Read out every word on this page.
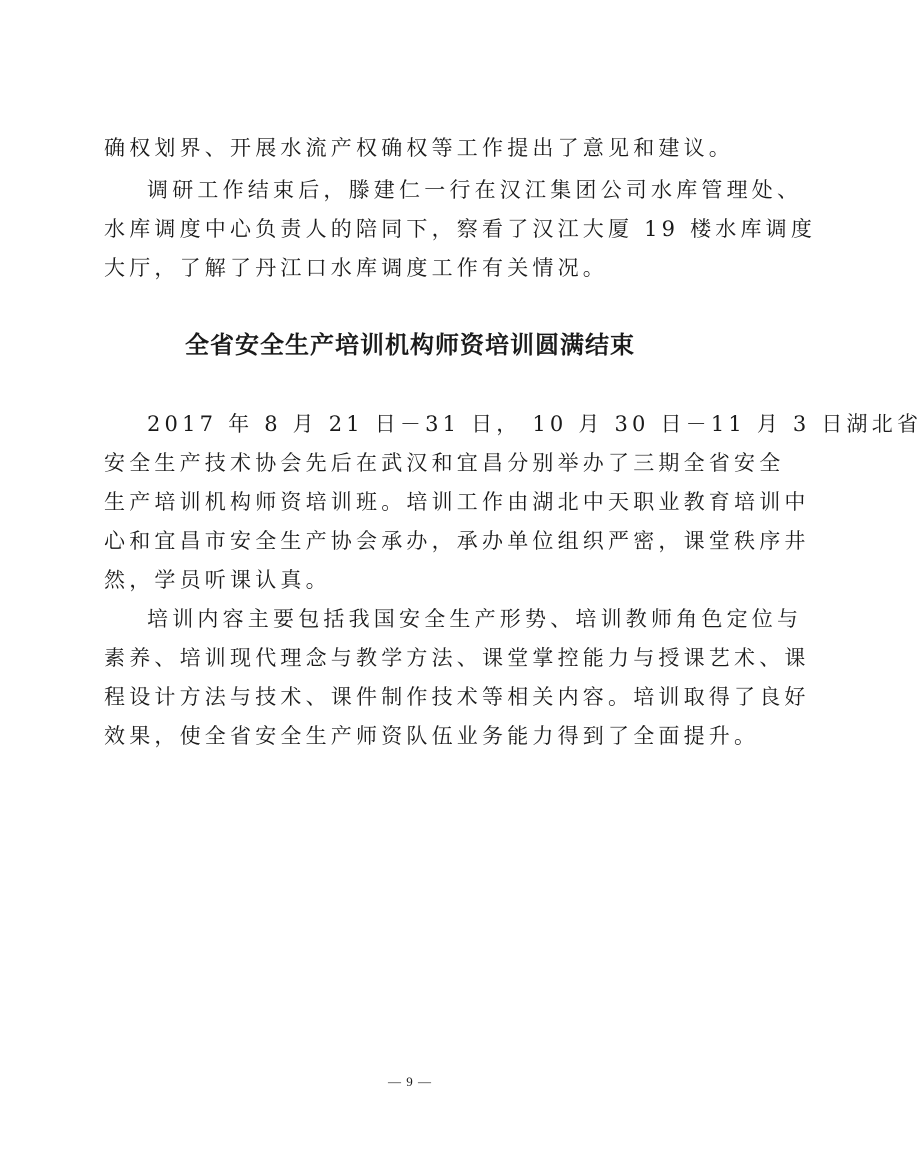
确权划界、开展水流产权确权等工作提出了意见和建议。
调研工作结束后，滕建仁一行在汉江集团公司水库管理处、
水库调度中心负责人的陪同下，察看了汉江大厦 19 楼水库调度
大厅，了解了丹江口水库调度工作有关情况。
全省安全生产培训机构师资培训圆满结束
2017 年 8 月 21 日－31 日， 10 月 30 日－11 月 3 日湖北省
安全生产技术协会先后在武汉和宜昌分别举办了三期全省安全
生产培训机构师资培训班。培训工作由湖北中天职业教育培训中
心和宜昌市安全生产协会承办，承办单位组织严密，课堂秩序井
然，学员听课认真。
培训内容主要包括我国安全生产形势、培训教师角色定位与
素养、培训现代理念与教学方法、课堂掌控能力与授课艺术、课
程设计方法与技术、课件制作技术等相关内容。培训取得了良好
效果，使全省安全生产师资队伍业务能力得到了全面提升。
— 9 —
